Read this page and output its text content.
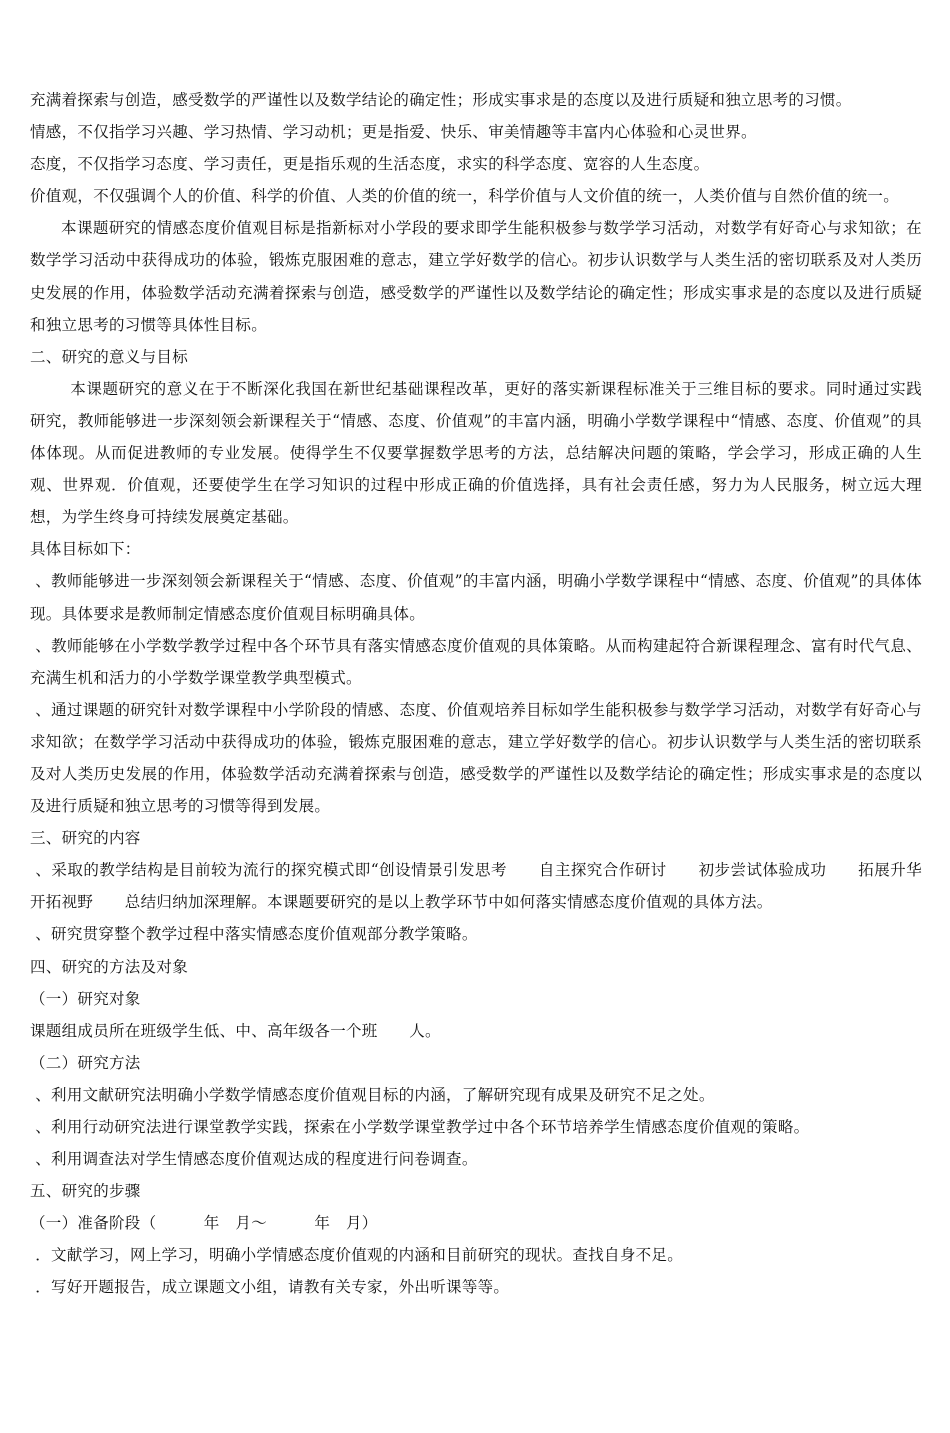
充满着探索与创造，感受数学的严谨性以及数学结论的确定性；形成实事求是的态度以及进行质疑和独立思考的习惯。

情感，不仅指学习兴趣、学习热情、学习动机；更是指爱、快乐、审美情趣等丰富内心体验和心灵世界。

态度，不仅指学习态度、学习责任，更是指乐观的生活态度，求实的科学态度、宽容的人生态度。

价值观，不仅强调个人的价值、科学的价值、人类的价值的统一，科学价值与人文价值的统一，人类价值与自然价值的统一。

本课题研究的情感态度价值观目标是指新标对小学段的要求即学生能积极参与数学学习活动，对数学有好奇心与求知欲；在数学学习活动中获得成功的体验，锻炼克服困难的意志，建立学好数学的信心。初步认识数学与人类生活的密切联系及对人类历史发展的作用，体验数学活动充满着探索与创造，感受数学的严谨性以及数学结论的确定性；形成实事求是的态度以及进行质疑和独立思考的习惯等具体性目标。

二、研究的意义与目标

本课题研究的意义在于不断深化我国在新世纪基础课程改革，更好的落实新课程标准关于三维目标的要求。同时通过实践研究，教师能够进一步深刻领会新课程关于“情感、态度、价值观”的丰富内涵，明确小学数学课程中“情感、态度、价值观”的具体体现。从而促进教师的专业发展。使得学生不仅要掌握数学思考的方法，总结解决问题的策略，学会学习，形成正确的人生观、世界观．价值观，还要使学生在学习知识的过程中形成正确的价值选择，具有社会责任感，努力为人民服务，树立远大理想，为学生终身可持续发展奠定基础。

具体目标如下：

、教师能够进一步深刻领会新课程关于“情感、态度、价值观”的丰富内涵，明确小学数学课程中“情感、态度、价值观”的具体体现。具体要求是教师制定情感态度价值观目标明确具体。

、教师能够在小学数学教学过程中各个环节具有落实情感态度价值观的具体策略。从而构建起符合新课程理念、富有时代气息、充满生机和活力的小学数学课堂教学典型模式。

、通过课题的研究针对数学课程中小学阶段的情感、态度、价值观培养目标如学生能积极参与数学学习活动，对数学有好奇心与求知欲；在数学学习活动中获得成功的体验，锻炼克服困难的意志，建立学好数学的信心。初步认识数学与人类生活的密切联系及对人类历史发展的作用，体验数学活动充满着探索与创造，感受数学的严谨性以及数学结论的确定性；形成实事求是的态度以及进行质疑和独立思考的习惯等得到发展。

三、研究的内容

、采取的教学结构是目前较为流行的探究模式即“创设情景引发思考　　自主探究合作研讨　　初步尝试体验成功　　拓展升华开拓视野　　总结归纳加深理解。本课题要研究的是以上教学环节中如何落实情感态度价值观的具体方法。

、研究贯穿整个教学过程中落实情感态度价值观部分教学策略。

四、研究的方法及对象

（一）研究对象

课题组成员所在班级学生低、中、高年级各一个班　　人。

（二）研究方法

、利用文献研究法明确小学数学情感态度价值观目标的内涵，了解研究现有成果及研究不足之处。

、利用行动研究法进行课堂教学实践，探索在小学数学课堂教学过中各个环节培养学生情感态度价值观的策略。

、利用调查法对学生情感态度价值观达成的程度进行问卷调查。

五、研究的步骤

（一）准备阶段（　　　年　月～　　　年　月）

．文献学习，网上学习，明确小学情感态度价值观的内涵和目前研究的现状。查找自身不足。

．写好开题报告，成立课题文小组，请教有关专家，外出听课等等。
